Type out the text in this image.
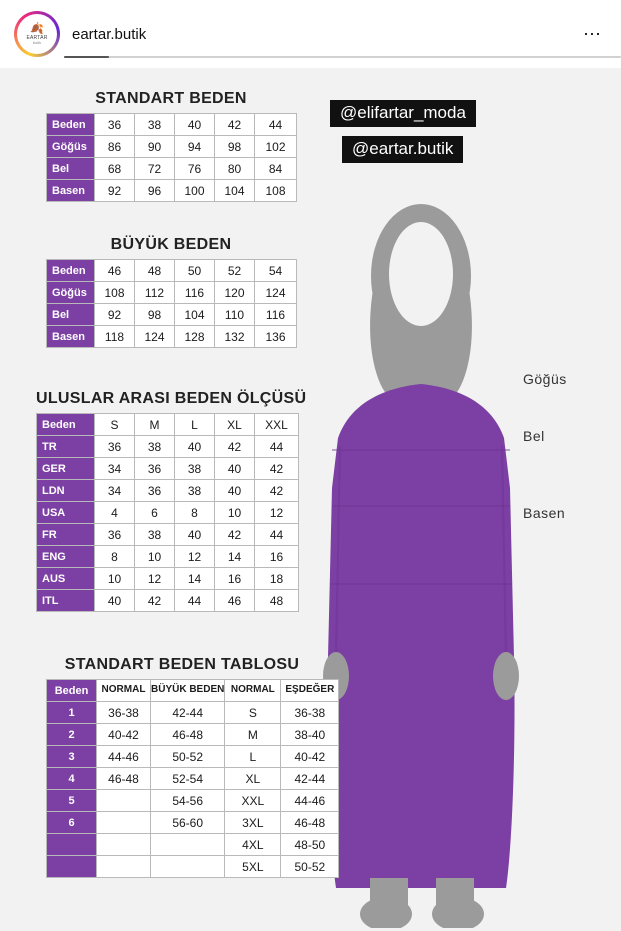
🍂
EARTAR
butik eartar.butik	⋯
@elifartar_moda
@eartar.butik
Göğüs
Bel
Basen
STANDART BEDEN
Beden	36	38	40	42	44
Göğüs	86	90	94	98	102
Bel	68	72	76	80	84
Basen	92	96	100	104	108
BÜYÜK BEDEN
Beden	46	48	50	52	54
Göğüs	108	112	116	120	124
Bel	92	98	104	110	116
Basen	118	124	128	132	136
ULUSLAR ARASI BEDEN ÖLÇÜSÜ
Beden	S	M	L	XL	XXL
TR	36	38	40	42	44
GER	34	36	38	40	42
LDN	34	36	38	40	42
USA	4	6	8	10	12
FR	36	38	40	42	44
ENG	8	10	12	14	16
AUS	10	12	14	16	18
ITL	40	42	44	46	48
STANDART BEDEN TABLOSU
Beden	NORMAL	BÜYÜK BEDEN	NORMAL	EŞDEĞER
1	36-38	42-44	S	36-38
2	40-42	46-48	M	38-40
3	44-46	50-52	L	40-42
4	46-48	52-54	XL	42-44
5		54-56	XXL	44-46
6		56-60	3XL	46-48
			4XL	48-50
			5XL	50-52
